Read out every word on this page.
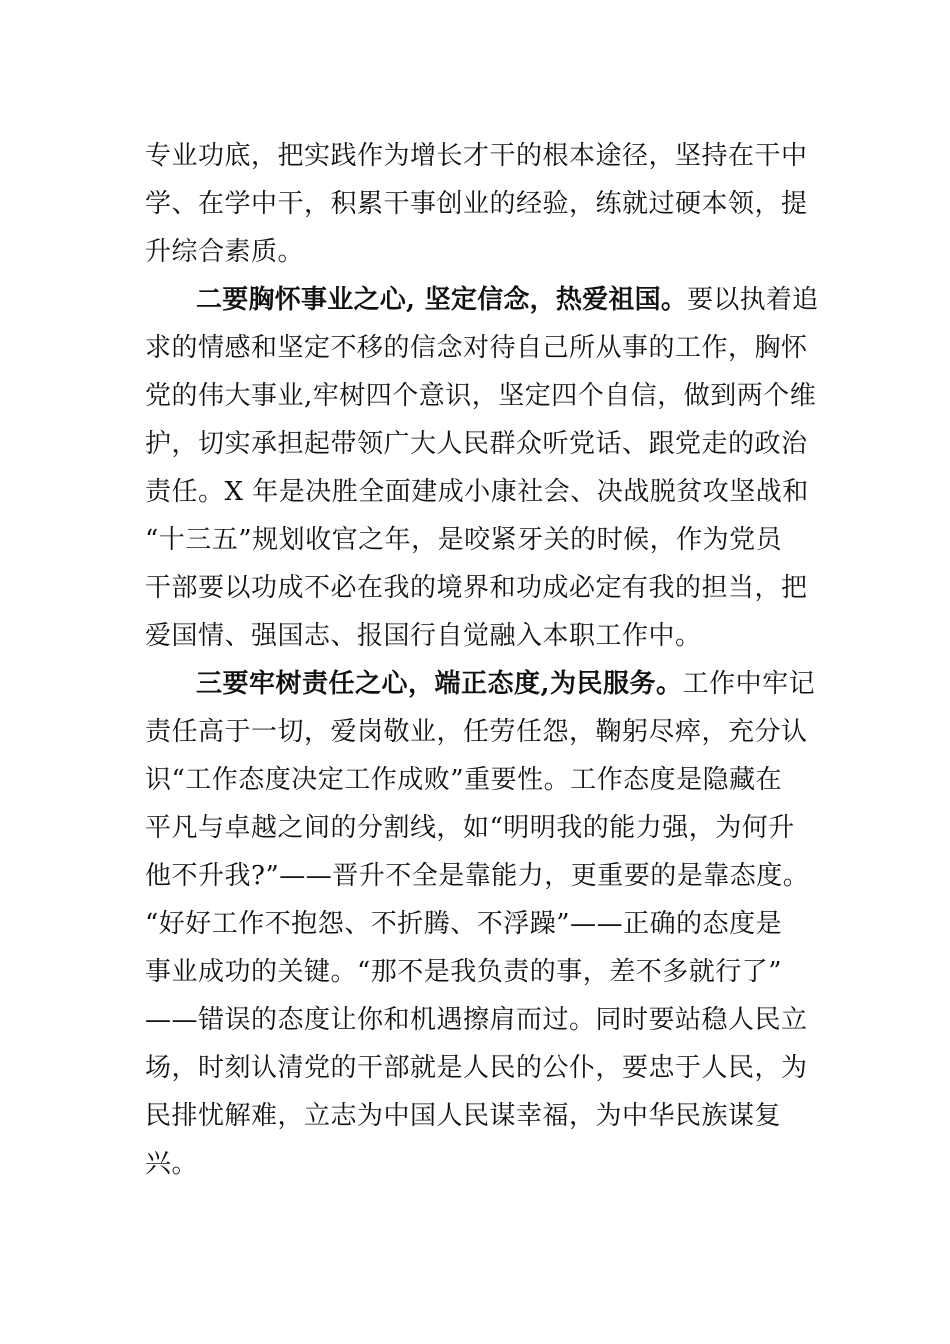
专业功底，把实践作为增长才干的根本途径，坚持在干中
学、在学中干，积累干事创业的经验，练就过硬本领，提
升综合素质。
二要胸怀事业之心, 坚定信念，热爱祖国。要以执着追
求的情感和坚定不移的信念对待自己所从事的工作，胸怀
党的伟大事业,牢树四个意识，坚定四个自信，做到两个维
护，切实承担起带领广大人民群众听党话、跟党走的政治
责任。X 年是决胜全面建成小康社会、决战脱贫攻坚战和
“十三五”规划收官之年，是咬紧牙关的时候，作为党员
干部要以功成不必在我的境界和功成必定有我的担当，把
爱国情、强国志、报国行自觉融入本职工作中。
三要牢树责任之心，端正态度,为民服务。工作中牢记
责任高于一切，爱岗敬业，任劳任怨，鞠躬尽瘁，充分认
识“工作态度决定工作成败”重要性。工作态度是隐藏在
平凡与卓越之间的分割线，如“明明我的能力强，为何升
他不升我?”——晋升不全是靠能力，更重要的是靠态度。
“好好工作不抱怨、不折腾、不浮躁”——正确的态度是
事业成功的关键。“那不是我负责的事，差不多就行了”
——错误的态度让你和机遇擦肩而过。同时要站稳人民立
场，时刻认清党的干部就是人民的公仆，要忠于人民，为
民排忧解难，立志为中国人民谋幸福，为中华民族谋复
兴。
